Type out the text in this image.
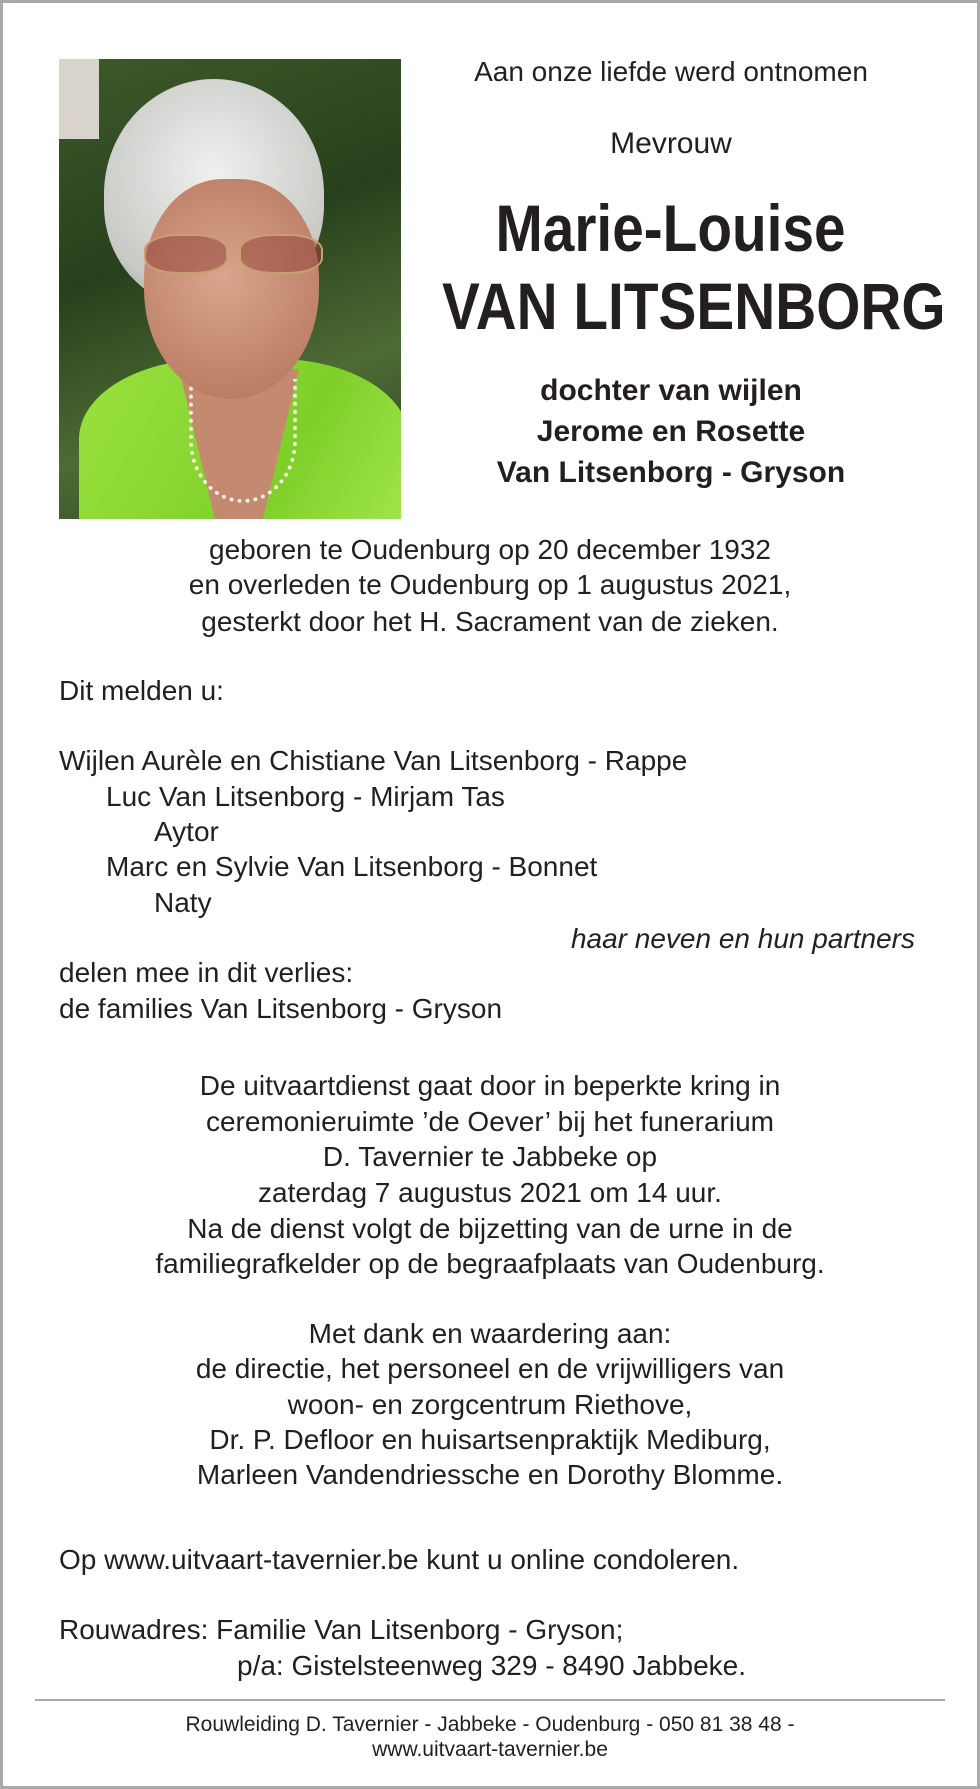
Aan onze liefde werd ontnomen
Mevrouw
Marie-Louise
VAN LITSENBORG
dochter van wijlen
Jerome en Rosette
Van Litsenborg - Gryson
geboren te Oudenburg op 20 december 1932
en overleden te Oudenburg op 1 augustus 2021,
gesterkt door het H. Sacrament van de zieken.
Dit melden u:
Wijlen Aurèle en Chistiane Van Litsenborg - Rappe
Luc Van Litsenborg - Mirjam Tas
Aytor
Marc en Sylvie Van Litsenborg - Bonnet
Naty
haar neven en hun partners
delen mee in dit verlies:
de families Van Litsenborg - Gryson
De uitvaartdienst gaat door in beperkte kring in
ceremonieruimte ’de Oever’ bij het funerarium
D. Tavernier te Jabbeke op
zaterdag 7 augustus 2021 om 14 uur.
Na de dienst volgt de bijzetting van de urne in de
familiegrafkelder op de begraafplaats van Oudenburg.
Met dank en waardering aan:
de directie, het personeel en de vrijwilligers van
woon- en zorgcentrum Riethove,
Dr. P. Defloor en huisartsenpraktijk Mediburg,
Marleen Vandendriessche en Dorothy Blomme.
Op www.uitvaart-tavernier.be kunt u online condoleren.
Rouwadres: Familie Van Litsenborg - Gryson;
p/a: Gistelsteenweg 329 - 8490 Jabbeke.
Rouwleiding D. Tavernier - Jabbeke - Oudenburg - 050 81 38 48 -
www.uitvaart-tavernier.be
